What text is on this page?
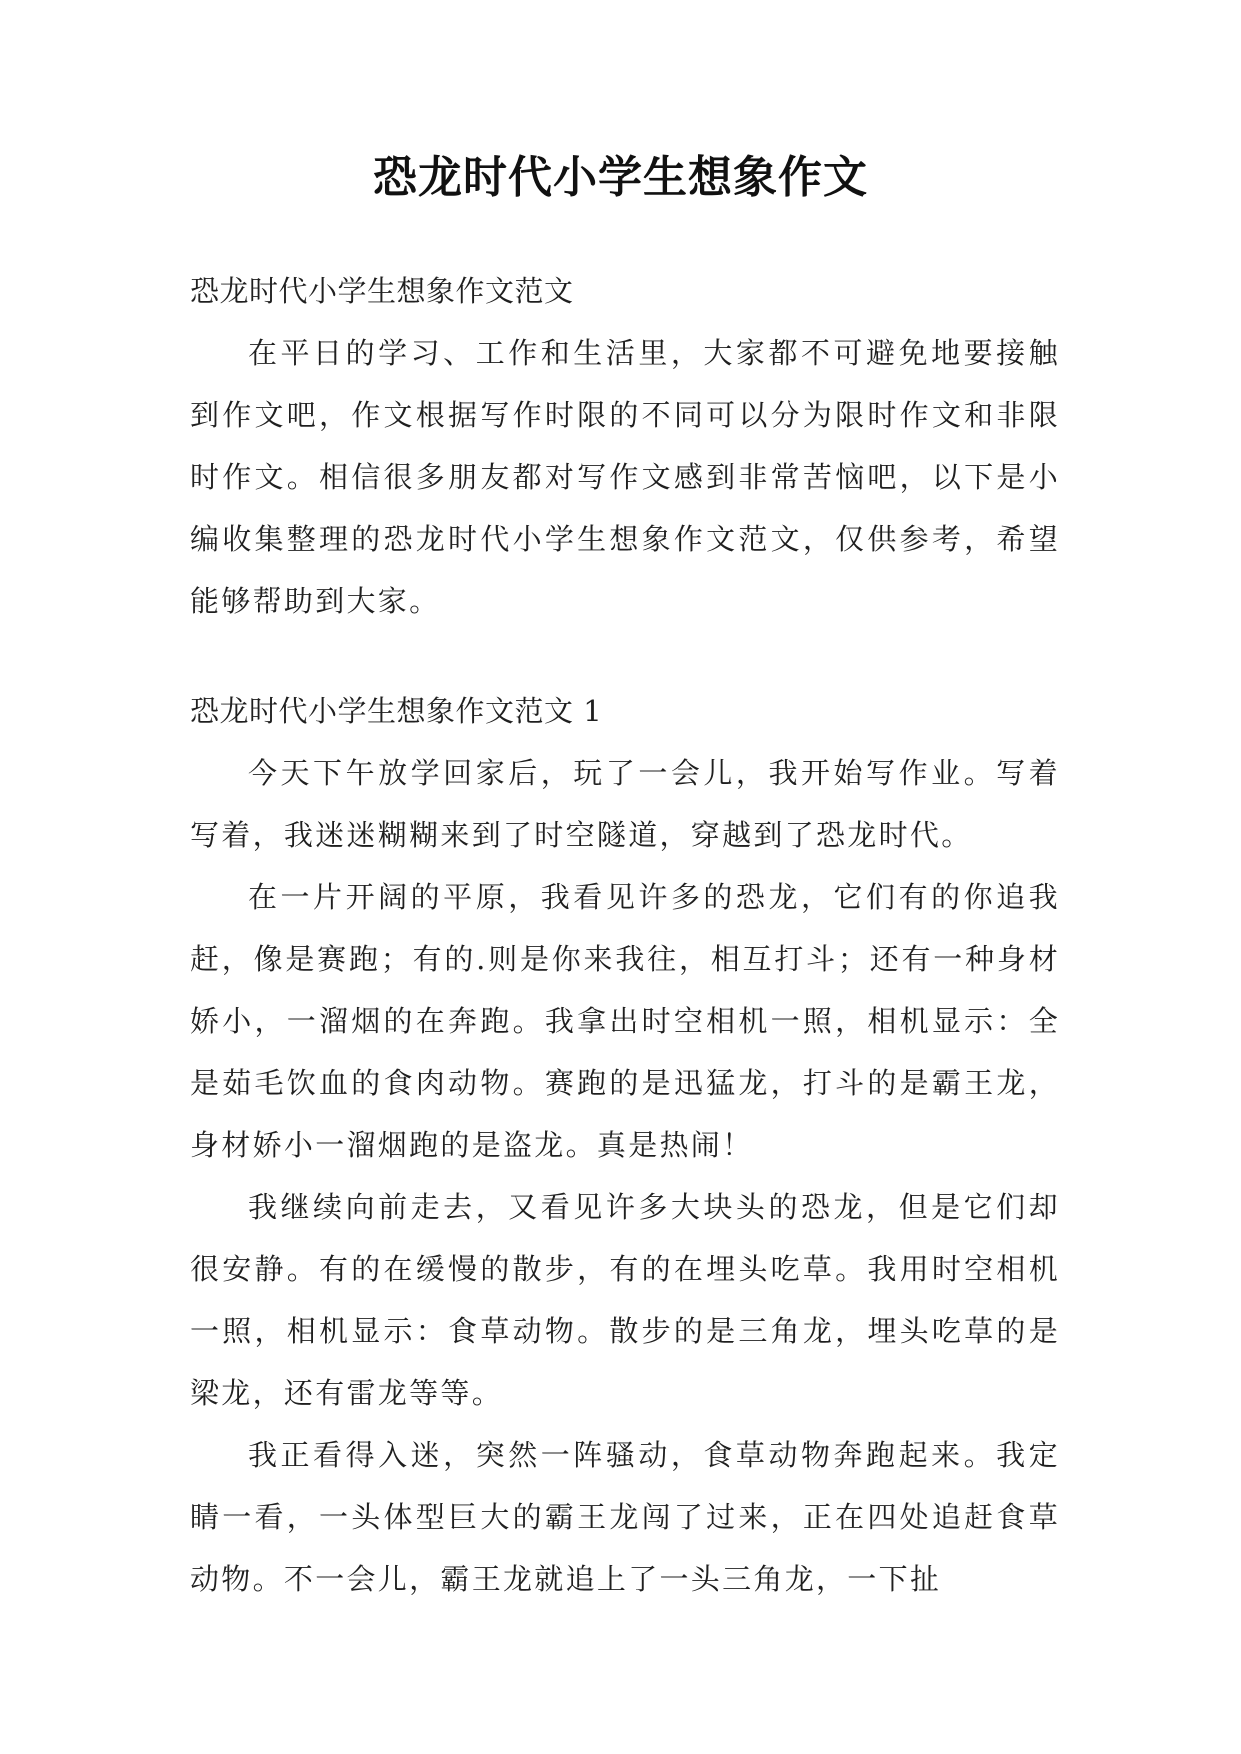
恐龙时代小学生想象作文

恐龙时代小学生想象作文范文

在平日的学习、工作和生活里，大家都不可避免地要接触到作文吧，作文根据写作时限的不同可以分为限时作文和非限时作文。相信很多朋友都对写作文感到非常苦恼吧，以下是小编收集整理的恐龙时代小学生想象作文范文，仅供参考，希望能够帮助到大家。

恐龙时代小学生想象作文范文 1

今天下午放学回家后，玩了一会儿，我开始写作业。写着写着，我迷迷糊糊来到了时空隧道，穿越到了恐龙时代。

在一片开阔的平原，我看见许多的恐龙，它们有的你追我赶，像是赛跑；有的.则是你来我往，相互打斗；还有一种身材娇小，一溜烟的在奔跑。我拿出时空相机一照，相机显示：全是茹毛饮血的食肉动物。赛跑的是迅猛龙，打斗的是霸王龙，身材娇小一溜烟跑的是盗龙。真是热闹！

我继续向前走去，又看见许多大块头的恐龙，但是它们却很安静。有的在缓慢的散步，有的在埋头吃草。我用时空相机一照，相机显示：食草动物。散步的是三角龙，埋头吃草的是梁龙，还有雷龙等等。

我正看得入迷，突然一阵骚动，食草动物奔跑起来。我定睛一看，一头体型巨大的霸王龙闯了过来，正在四处追赶食草动物。不一会儿，霸王龙就追上了一头三角龙，一下扯
